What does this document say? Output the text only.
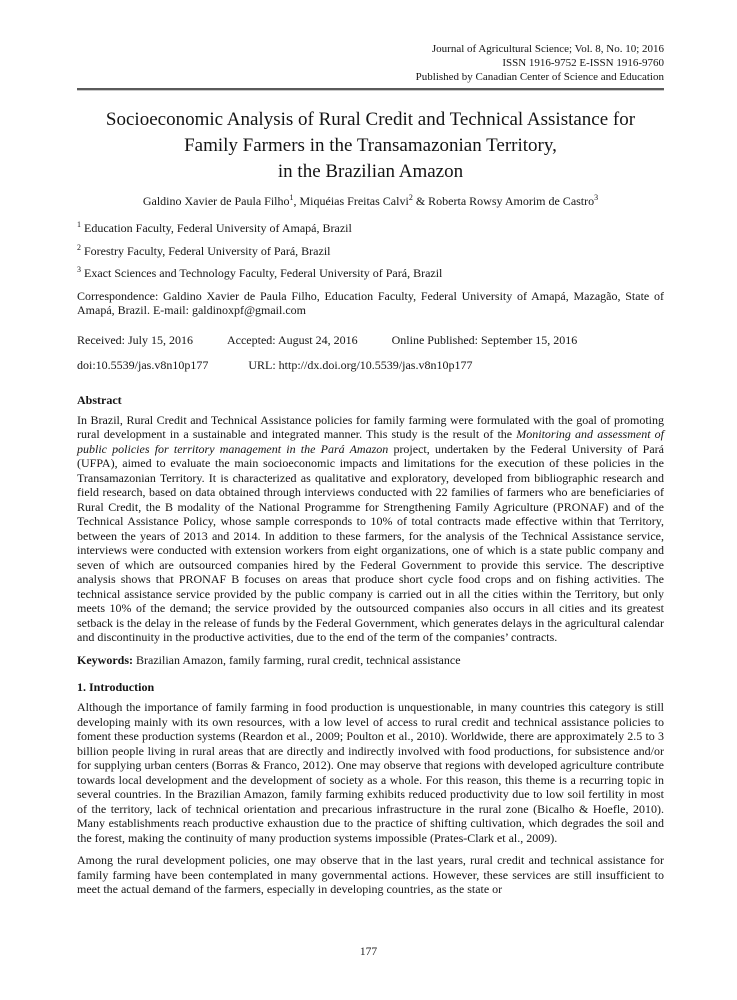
Journal of Agricultural Science; Vol. 8, No. 10; 2016
ISSN 1916-9752 E-ISSN 1916-9760
Published by Canadian Center of Science and Education
Socioeconomic Analysis of Rural Credit and Technical Assistance for
Family Farmers in the Transamazonian Territory,
in the Brazilian Amazon
Galdino Xavier de Paula Filho$^1$, Miquéias Freitas Calvi$^2$ & Roberta Rowsy Amorim de Castro$^3$

$^1$ Education Faculty, Federal University of Amapá, Brazil

$^2$ Forestry Faculty, Federal University of Pará, Brazil

$^3$ Exact Sciences and Technology Faculty, Federal University of Pará, Brazil

Correspondence: Galdino Xavier de Paula Filho, Education Faculty, Federal University of Amapá, Mazagão, State of Amapá, Brazil. E-mail: galdinoxpf@gmail.com

Received: July 15, 2016	Accepted: August 24, 2016	Online Published: September 15, 2016
doi:10.5539/jas.v8n10p177	URL: http://dx.doi.org/10.5539/jas.v8n10p177
Abstract

In Brazil, Rural Credit and Technical Assistance policies for family farming were formulated with the goal of promoting rural development in a sustainable and integrated manner. This study is the result of the Monitoring and assessment of public policies for territory management in the Pará Amazon project, undertaken by the Federal University of Pará (UFPA), aimed to evaluate the main socioeconomic impacts and limitations for the execution of these policies in the Transamazonian Territory. It is characterized as qualitative and exploratory, developed from bibliographic research and field research, based on data obtained through interviews conducted with 22 families of farmers who are beneficiaries of Rural Credit, the B modality of the National Programme for Strengthening Family Agriculture (PRONAF) and of the Technical Assistance Policy, whose sample corresponds to 10% of total contracts made effective within that Territory, between the years of 2013 and 2014. In addition to these farmers, for the analysis of the Technical Assistance service, interviews were conducted with extension workers from eight organizations, one of which is a state public company and seven of which are outsourced companies hired by the Federal Government to provide this service. The descriptive analysis shows that PRONAF B focuses on areas that produce short cycle food crops and on fishing activities. The technical assistance service provided by the public company is carried out in all the cities within the Territory, but only meets 10% of the demand; the service provided by the outsourced companies also occurs in all cities and its greatest setback is the delay in the release of funds by the Federal Government, which generates delays in the agricultural calendar and discontinuity in the productive activities, due to the end of the term of the companies’ contracts.

Keywords: Brazilian Amazon, family farming, rural credit, technical assistance

1. Introduction

Although the importance of family farming in food production is unquestionable, in many countries this category is still developing mainly with its own resources, with a low level of access to rural credit and technical assistance policies to foment these production systems (Reardon et al., 2009; Poulton et al., 2010). Worldwide, there are approximately 2.5 to 3 billion people living in rural areas that are directly and indirectly involved with food productions, for subsistence and/or for supplying urban centers (Borras & Franco, 2012). One may observe that regions with developed agriculture contribute towards local development and the development of society as a whole. For this reason, this theme is a recurring topic in several countries. In the Brazilian Amazon, family farming exhibits reduced productivity due to low soil fertility in most of the territory, lack of technical orientation and precarious infrastructure in the rural zone (Bicalho & Hoefle, 2010). Many establishments reach productive exhaustion due to the practice of shifting cultivation, which degrades the soil and the forest, making the continuity of many production systems impossible (Prates-Clark et al., 2009).

Among the rural development policies, one may observe that in the last years, rural credit and technical assistance for family farming have been contemplated in many governmental actions. However, these services are still insufficient to meet the actual demand of the farmers, especially in developing countries, as the state or

177
